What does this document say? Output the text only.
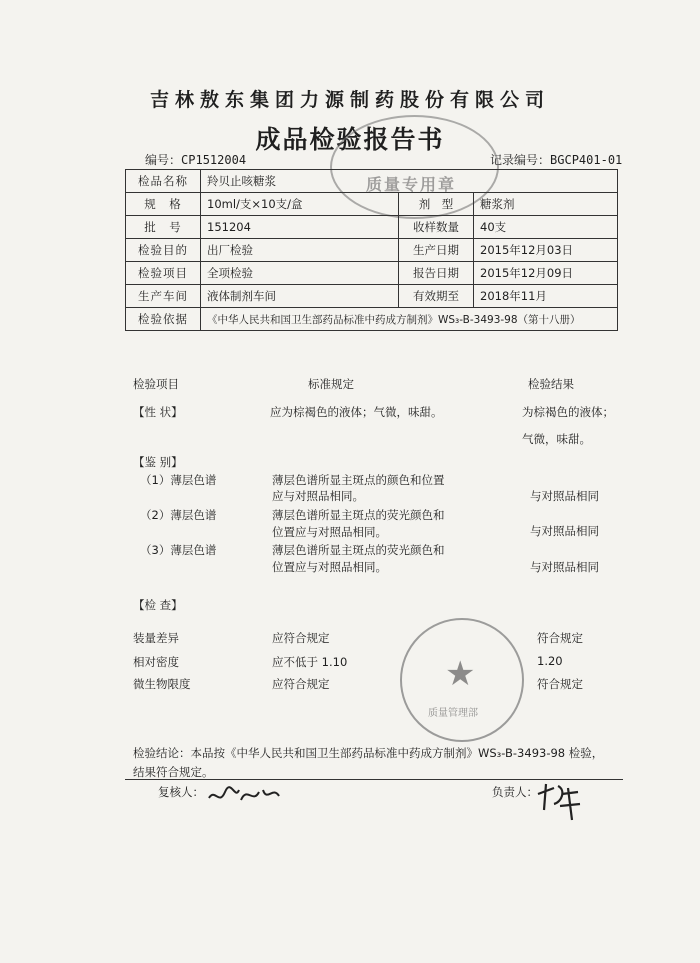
吉林敖东集团力源制药股份有限公司
成品检验报告书
编号：CP1512004	记录编号：BGCP401-01
质量专用章
检品名称	羚贝止咳糖浆		
规　格	10ml/支×10支/盒	剂　型	糖浆剂
批　号	151204	收样数量	40支
检验目的	出厂检验	生产日期	2015年12月03日
检验项目	全项检验	报告日期	2015年12月09日
生产车间	液体制剂车间	有效期至	2018年11月
检验依据	《中华人民共和国卫生部药品标准中药成方制剂》WS₃-B-3493-98（第十八册）		
检验项目	标准规定	检验结果
【性 状】	应为棕褐色的液体；气微，味甜。	为棕褐色的液体；
气微，味甜。
【鉴 别】
（1）薄层色谱	薄层色谱所显主斑点的颜色和位置
应与对照品相同。	与对照品相同
（2）薄层色谱	薄层色谱所显主斑点的荧光颜色和
位置应与对照品相同。	与对照品相同
（3）薄层色谱	薄层色谱所显主斑点的荧光颜色和
位置应与对照品相同。	与对照品相同
【检 查】
装量差异	应符合规定	符合规定
相对密度	应不低于 1.10	1.20
微生物限度	应符合规定	符合规定
★
质量管理部
检验结论：本品按《中华人民共和国卫生部药品标准中药成方制剂》WS₃-B-3493-98 检验，
结果符合规定。
复核人：	负责人：
